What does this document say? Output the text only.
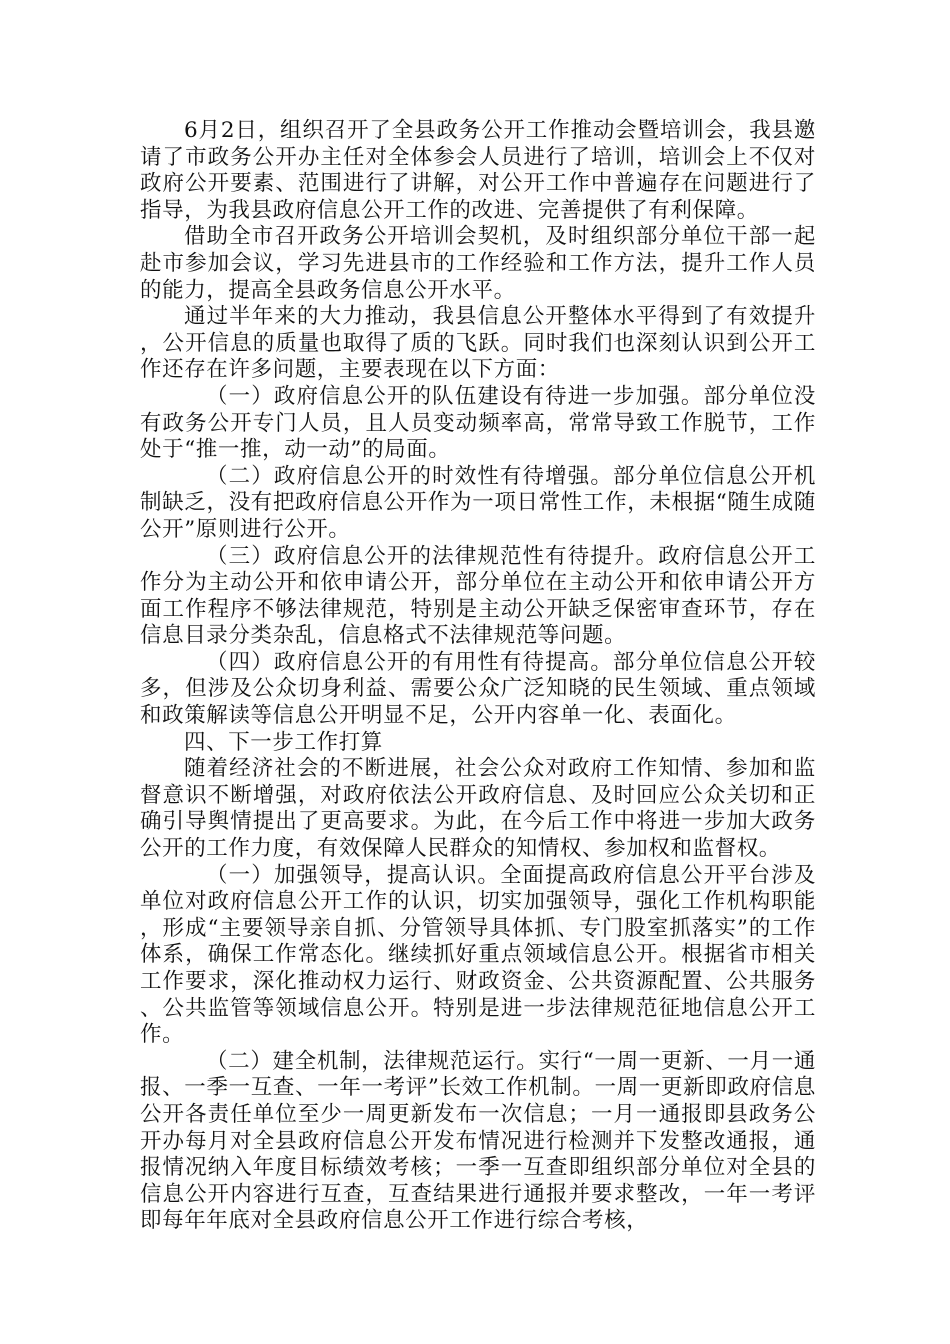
6月2日，组织召开了全县政务公开工作推动会暨培训会，我县邀请了市政务公开办主任对全体参会人员进行了培训，培训会上不仅对政府公开要素、范围进行了讲解，对公开工作中普遍存在问题进行了指导，为我县政府信息公开工作的改进、完善提供了有利保障。

借助全市召开政务公开培训会契机，及时组织部分单位干部一起赴市参加会议，学习先进县市的工作经验和工作方法，提升工作人员的能力，提高全县政务信息公开水平。

通过半年来的大力推动，我县信息公开整体水平得到了有效提升，公开信息的质量也取得了质的飞跃。同时我们也深刻认识到公开工作还存在许多问题，主要表现在以下方面：

（一）政府信息公开的队伍建设有待进一步加强。部分单位没有政务公开专门人员，且人员变动频率高，常常导致工作脱节，工作处于“推一推，动一动”的局面。

（二）政府信息公开的时效性有待增强。部分单位信息公开机制缺乏，没有把政府信息公开作为一项日常性工作，未根据“随生成随公开”原则进行公开。

（三）政府信息公开的法律规范性有待提升。政府信息公开工作分为主动公开和依申请公开，部分单位在主动公开和依申请公开方面工作程序不够法律规范，特别是主动公开缺乏保密审查环节，存在信息目录分类杂乱，信息格式不法律规范等问题。

（四）政府信息公开的有用性有待提高。部分单位信息公开较多，但涉及公众切身利益、需要公众广泛知晓的民生领域、重点领域和政策解读等信息公开明显不足，公开内容单一化、表面化。

四、下一步工作打算

随着经济社会的不断进展，社会公众对政府工作知情、参加和监督意识不断增强，对政府依法公开政府信息、及时回应公众关切和正确引导舆情提出了更高要求。为此，在今后工作中将进一步加大政务公开的工作力度，有效保障人民群众的知情权、参加权和监督权。

（一）加强领导，提高认识。全面提高政府信息公开平台涉及单位对政府信息公开工作的认识，切实加强领导，强化工作机构职能，形成“主要领导亲自抓、分管领导具体抓、专门股室抓落实”的工作体系，确保工作常态化。继续抓好重点领域信息公开。根据省市相关工作要求，深化推动权力运行、财政资金、公共资源配置、公共服务、公共监管等领域信息公开。特别是进一步法律规范征地信息公开工作。

（二）建全机制，法律规范运行。实行“一周一更新、一月一通报、一季一互查、一年一考评”长效工作机制。一周一更新即政府信息公开各责任单位至少一周更新发布一次信息；一月一通报即县政务公开办每月对全县政府信息公开发布情况进行检测并下发整改通报，通报情况纳入年度目标绩效考核；一季一互查即组织部分单位对全县的信息公开内容进行互查，互查结果进行通报并要求整改，一年一考评即每年年底对全县政府信息公开工作进行综合考核，
